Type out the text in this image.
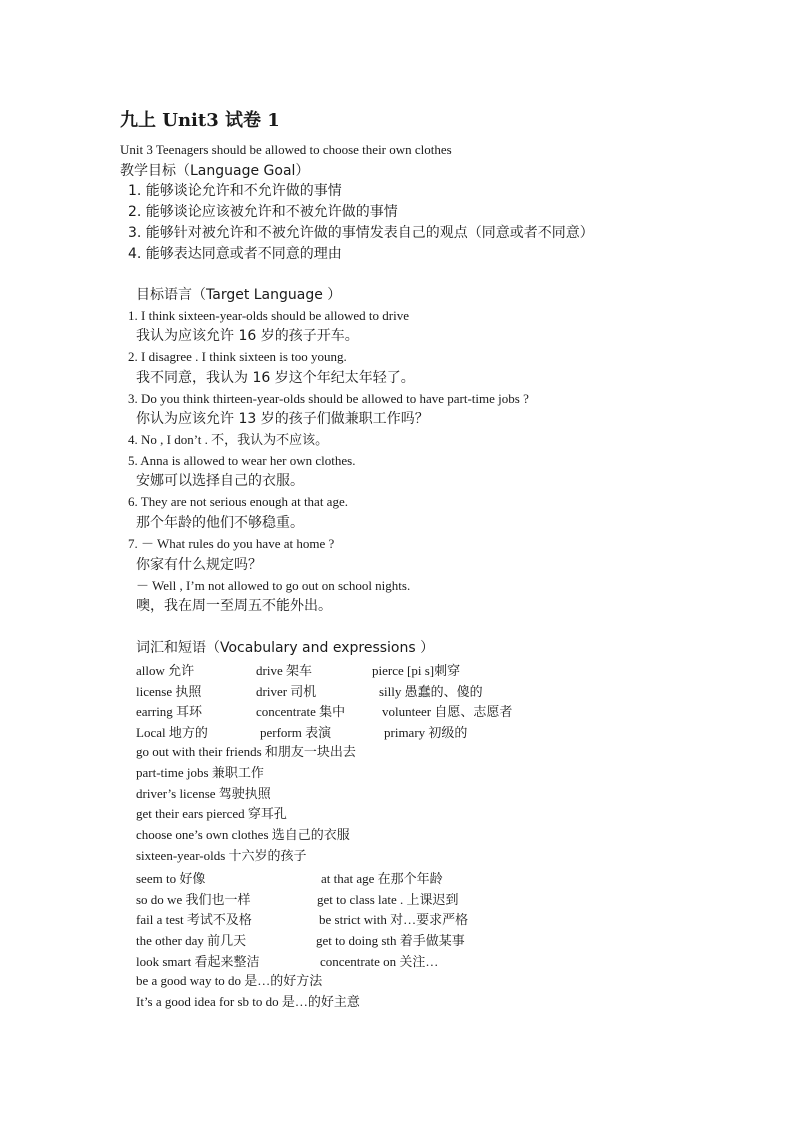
九上 Unit3 试卷 1
Unit 3 Teenagers should be allowed to choose their own clothes
教学目标（Language Goal）
1. 能够谈论允许和不允许做的事情
2. 能够谈论应该被允许和不被允许做的事情
3. 能够针对被允许和不被允许做的事情发表自己的观点（同意或者不同意）
4. 能够表达同意或者不同意的理由
目标语言（Target Language ）
1. I think sixteen-year-olds should be allowed to drive
我认为应该允许 16 岁的孩子开车。
2. I disagree . I think sixteen is too young.
我不同意，我认为 16 岁这个年纪太年轻了。
3. Do you think thirteen-year-olds should be allowed to have part-time jobs ?
你认为应该允许 13 岁的孩子们做兼职工作吗？
4. No , I don’t . 不，我认为不应该。
5. Anna is allowed to wear her own clothes.
安娜可以选择自己的衣服。
6. They are not serious enough at that age.
那个年龄的他们不够稳重。
7. － What rules do you have at home ?
你家有什么规定吗？
－ Well , I’m not allowed to go out on school nights.
噢，我在周一至周五不能外出。
词汇和短语（Vocabulary and expressions ）
allow 允许	drive 架车	pierce [pi s]刺穿
license 执照	driver 司机	silly 愚蠢的、傻的
earring 耳环	concentrate 集中	volunteer 自愿、志愿者
Local 地方的	perform 表演	primary 初级的
go out with their friends 和朋友一块出去
part-time jobs 兼职工作
driver’s license 驾驶执照
get their ears pierced 穿耳孔
choose one’s own clothes 选自己的衣服
sixteen-year-olds 十六岁的孩子
seem to 好像	at that age 在那个年龄
so do we 我们也一样	get to class late . 上课迟到
fail a test 考试不及格	be strict with 对…要求严格
the other day 前几天	get to doing sth 着手做某事
look smart 看起来整洁	concentrate on 关注…
be a good way to do 是…的好方法
It’s a good idea for sb to do 是…的好主意
